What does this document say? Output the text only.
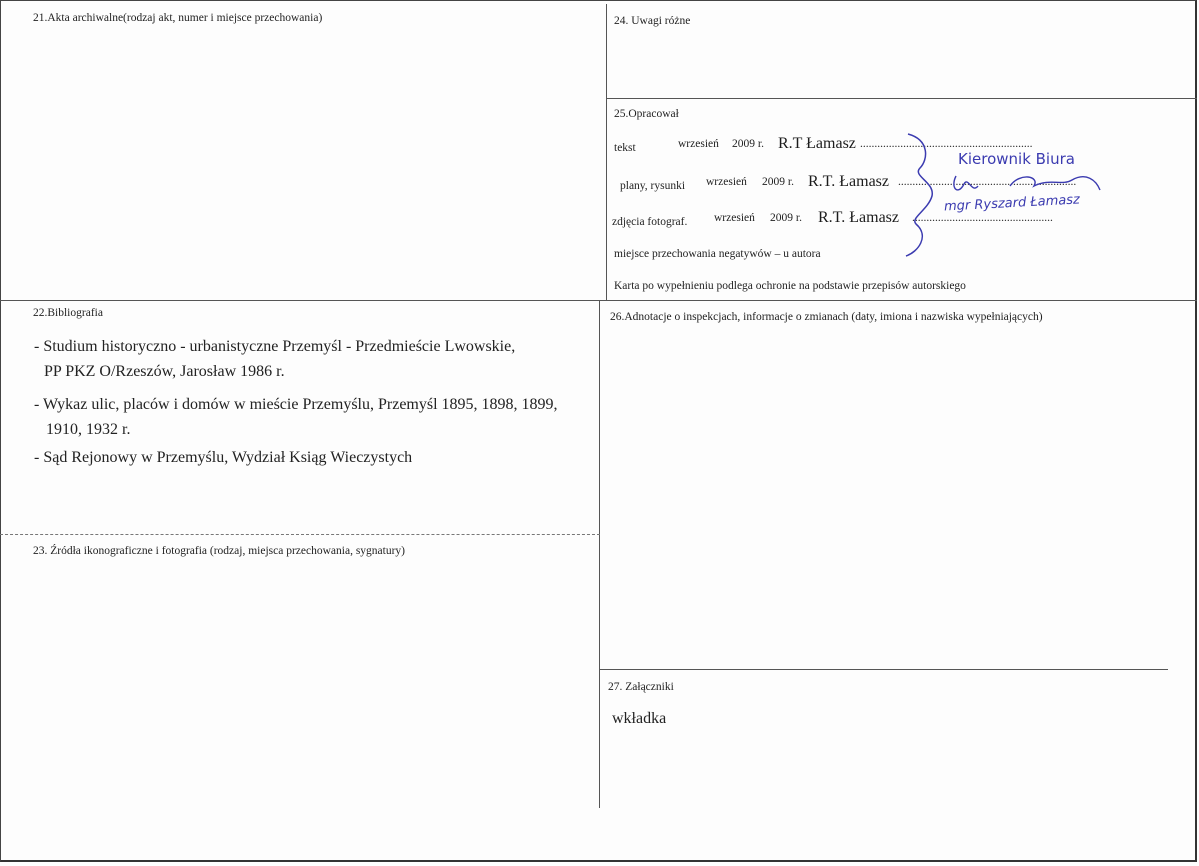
21.Akta archiwalne(rodzaj akt, numer i miejsce przechowania)	24. Uwagi różne
25.Opracował
tekst	wrzesień 2009 r. R.T Łamasz ............................................................
plany, rysunki wrzesień 2009 r. R.T. Łamasz ..............................................................
zdjęcia fotograf. wrzesień 2009 r. R.T. Łamasz .................................................
miejsce przechowania negatywów – u autora
Karta po wypełnieniu podlega ochronie na podstawie przepisów autorskiego
Kierownik Biura
mgr Ryszard Łamasz
22.Bibliografia
- Studium historyczno - urbanistyczne Przemyśl - Przedmieście Lwowskie,
PP PKZ O/Rzeszów, Jarosław 1986 r.
- Wykaz ulic, placów i domów w mieście Przemyślu, Przemyśl 1895, 1898, 1899,
1910, 1932 r.
- Sąd Rejonowy w Przemyślu, Wydział Ksiąg Wieczystych
23. Źródła ikonograficzne i fotografia (rodzaj, miejsca przechowania, sygnatury)
26.Adnotacje o inspekcjach, informacje o zmianach (daty, imiona i nazwiska wypełniających)
27. Załączniki
wkładka
